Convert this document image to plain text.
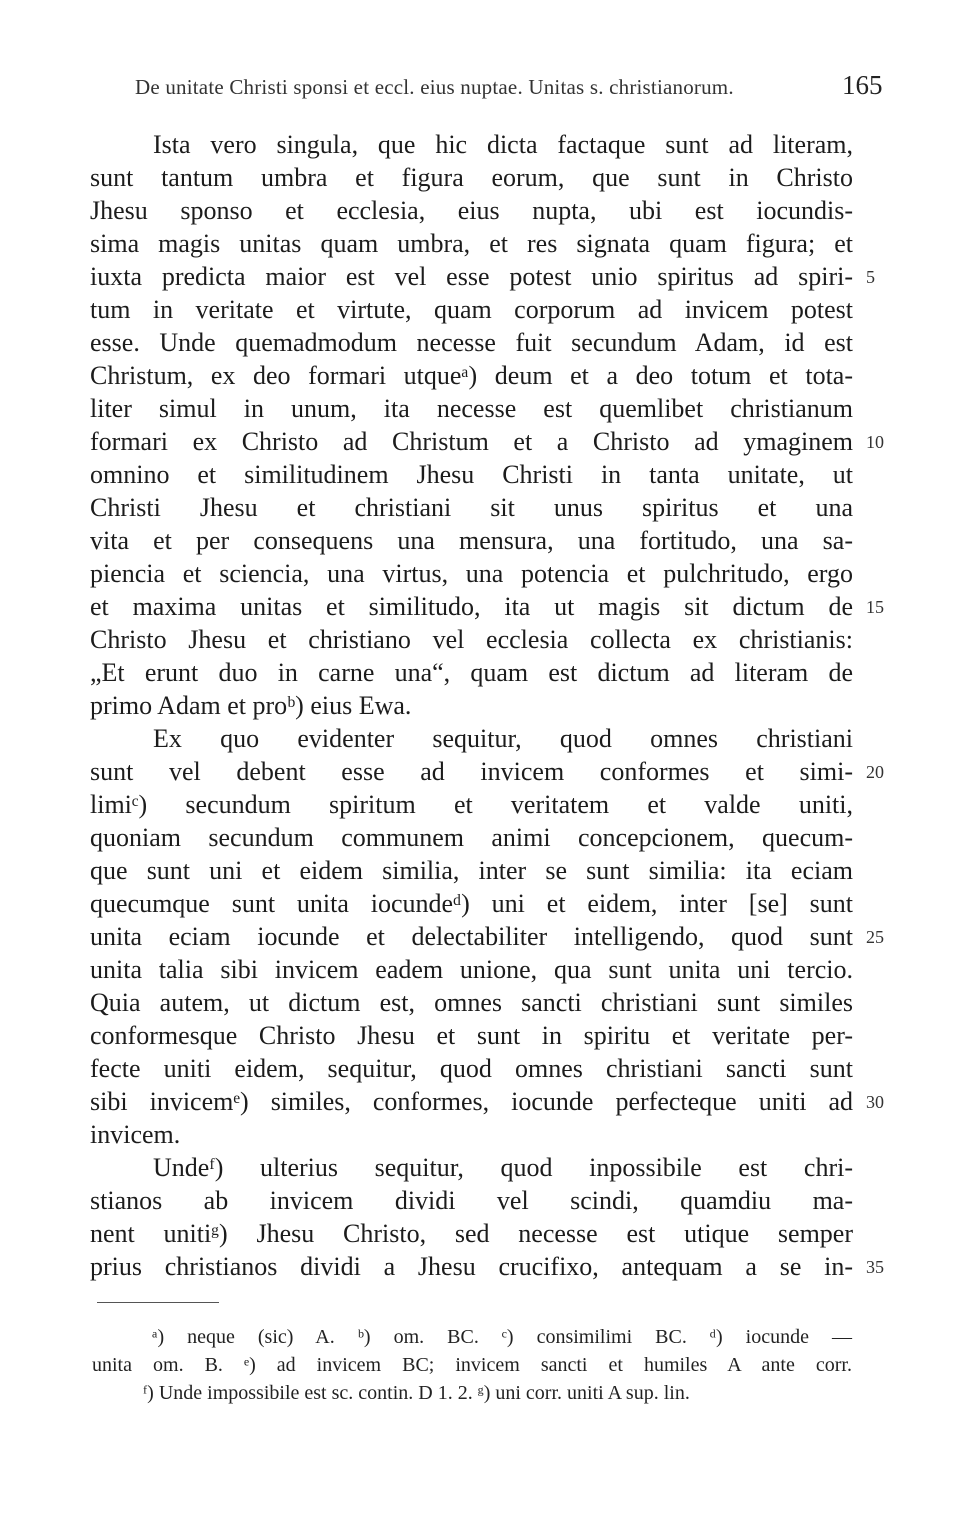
De unitate Christi sponsi et eccl. eius nuptae. Unitas s. christianorum.	165
Ista vero singula, que hic dicta factaque sunt ad literam,
sunt tantum umbra et figura eorum, que sunt in Christo
Jhesu sponso et ecclesia, eius nupta, ubi est iocundis-
sima magis unitas quam umbra, et res signata quam figura; et
iuxta predicta maior est vel esse potest unio spiritus ad spiri-
tum in veritate et virtute, quam corporum ad invicem potest
esse. Unde quemadmodum necesse fuit secundum Adam, id est
Christum, ex deo formari utqueᵃ) deum et a deo totum et tota-
liter simul in unum, ita necesse est quemlibet christianum
formari ex Christo ad Christum et a Christo ad ymaginem
omnino et similitudinem Jhesu Christi in tanta unitate, ut
Christi Jhesu et christiani sit unus spiritus et una
vita et per consequens una mensura, una fortitudo, una sa-
piencia et sciencia, una virtus, una potencia et pulchritudo, ergo
et maxima unitas et similitudo, ita ut magis sit dictum de
Christo Jhesu et christiano vel ecclesia collecta ex christianis:
„Et erunt duo in carne una“, quam est dictum ad literam de
primo Adam et proᵇ) eius Ewa.
Ex quo evidenter sequitur, quod omnes christiani
sunt vel debent esse ad invicem conformes et simi-
limiᶜ) secundum spiritum et veritatem et valde uniti,
quoniam secundum communem animi concepcionem, quecum-
que sunt uni et eidem similia, inter se sunt similia: ita eciam
quecumque sunt unita iocundeᵈ) uni et eidem, inter [se] sunt
unita eciam iocunde et delectabiliter intelligendo, quod sunt
unita talia sibi invicem eadem unione, qua sunt unita uni tercio.
Quia autem, ut dictum est, omnes sancti christiani sunt similes
conformesque Christo Jhesu et sunt in spiritu et veritate per-
fecte uniti eidem, sequitur, quod omnes christiani sancti sunt
sibi invicemᵉ) similes, conformes, iocunde perfecteque uniti ad
invicem.
Undeᶠ) ulterius sequitur, quod inpossibile est chri-
stianos ab invicem dividi vel scindi, quamdiu ma-
nent unitiᵍ) Jhesu Christo, sed necesse est utique semper
prius christianos dividi a Jhesu crucifixo, antequam a se in-
5
10
15
20
25
30
35
ᵃ) neque (sic) A. ᵇ) om. BC. ᶜ) consimilimi BC. ᵈ) iocunde —
unita om. B. ᵉ) ad invicem BC; invicem sancti et humiles A ante corr.
ᶠ) Unde impossibile est sc. contin. D 1. 2. ᵍ) uni corr. uniti A sup. lin.
